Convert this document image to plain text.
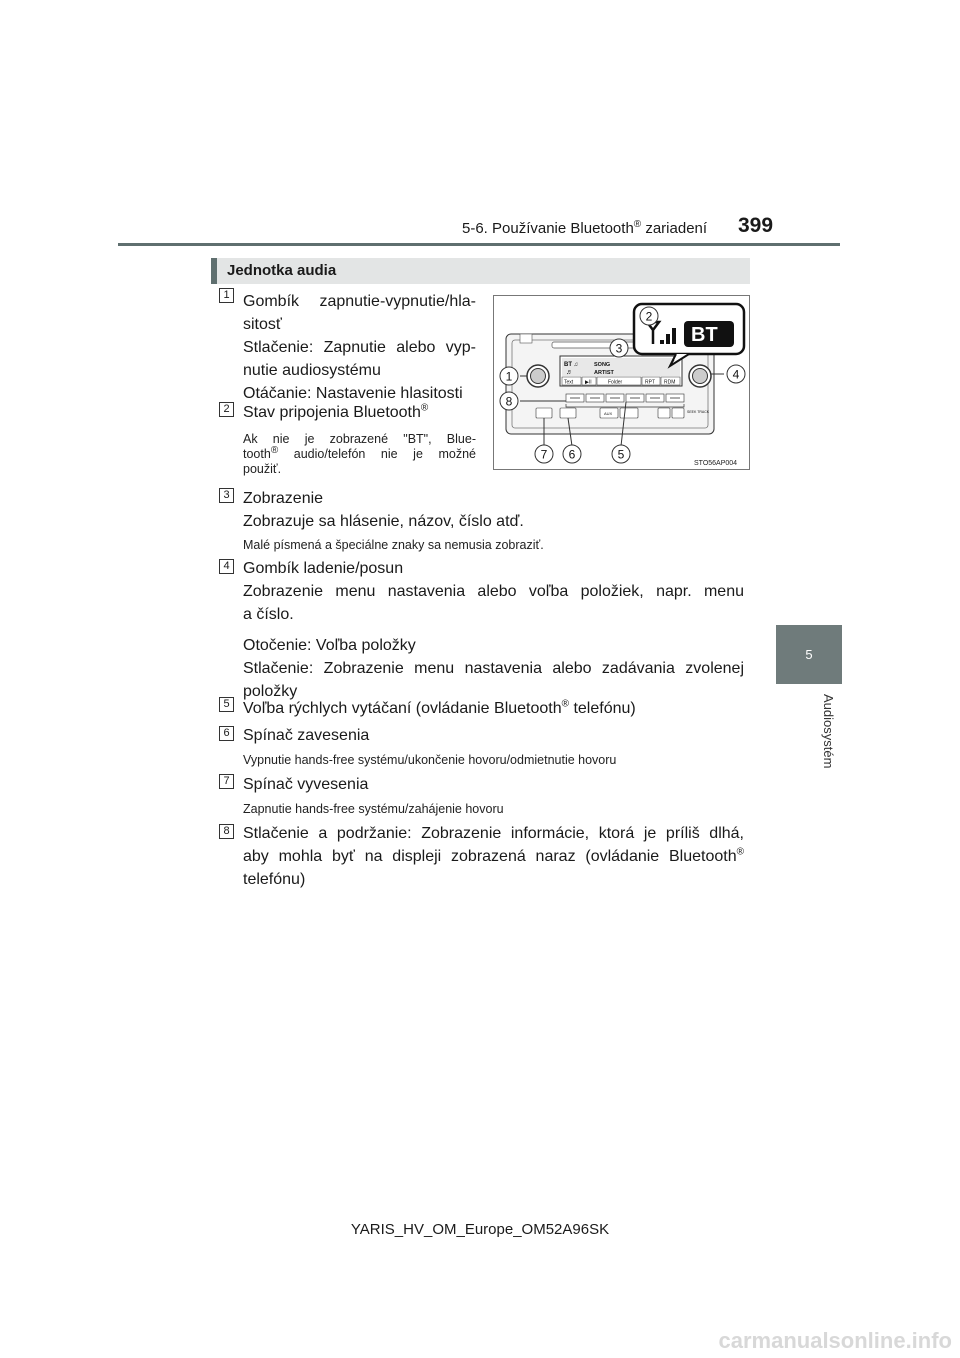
5-6. Používanie Bluetooth® zariadení 399
5
Audiosystém
Jednotka audia
SONG
ARTIST
BT ♫
♬
Text ▶II	Folder	RPT RDM
AUX	SEEK TRACK
BT
1
2
3
4
5
6
7
8
STO56AP004
1 Gombík zapnutie-vypnutie/hla-
sitosť
Stlačenie: Zapnutie alebo vyp-
nutie audiosystému
Otáčanie: Nastavenie hlasitosti
2 Stav pripojenia Bluetooth®
Ak nie je zobrazené "BT", Blue-
tooth® audio/telefón nie je možné
použiť.
3 Zobrazenie
Zobrazuje sa hlásenie, názov, číslo atď.
Malé písmená a špeciálne znaky sa nemusia zobraziť.
4 Gombík ladenie/posun
Zobrazenie menu nastavenia alebo voľba položiek, napr. menu
a číslo.
Otočenie: Voľba položky
Stlačenie: Zobrazenie menu nastavenia alebo zadávania zvolenej
položky
5 Voľba rýchlych vytáčaní (ovládanie Bluetooth® telefónu)
6 Spínač zavesenia
Vypnutie hands-free systému/ukončenie hovoru/odmietnutie hovoru
7 Spínač vyvesenia
Zapnutie hands-free systému/zahájenie hovoru
8 Stlačenie a podržanie: Zobrazenie informácie, ktorá je príliš dlhá,
aby mohla byť na displeji zobrazená naraz (ovládanie Bluetooth®
telefónu)
YARIS_HV_OM_Europe_OM52A96SK
carmanualsonline.info
